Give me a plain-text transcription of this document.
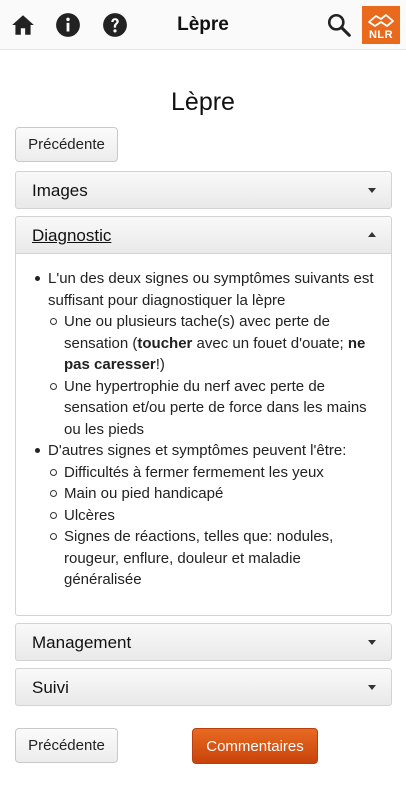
Lèpre	NLR
Lèpre
Précédente
Images
Diagnostic
L'un des deux signes ou symptômes suivants est suffisant pour diagnostiquer la lèpre
Une ou plusieurs tache(s) avec perte de sensation (toucher avec un fouet d'ouate; ne pas caresser!)
Une hypertrophie du nerf avec perte de sensation et/ou perte de force dans les mains ou les pieds
D'autres signes et symptômes peuvent l'être:
Difficultés à fermer fermement les yeux
Main ou pied handicapé
Ulcères
Signes de réactions, telles que: nodules, rougeur, enflure, douleur et maladie généralisée
Management
Suivi
Précédente	Commentaires
